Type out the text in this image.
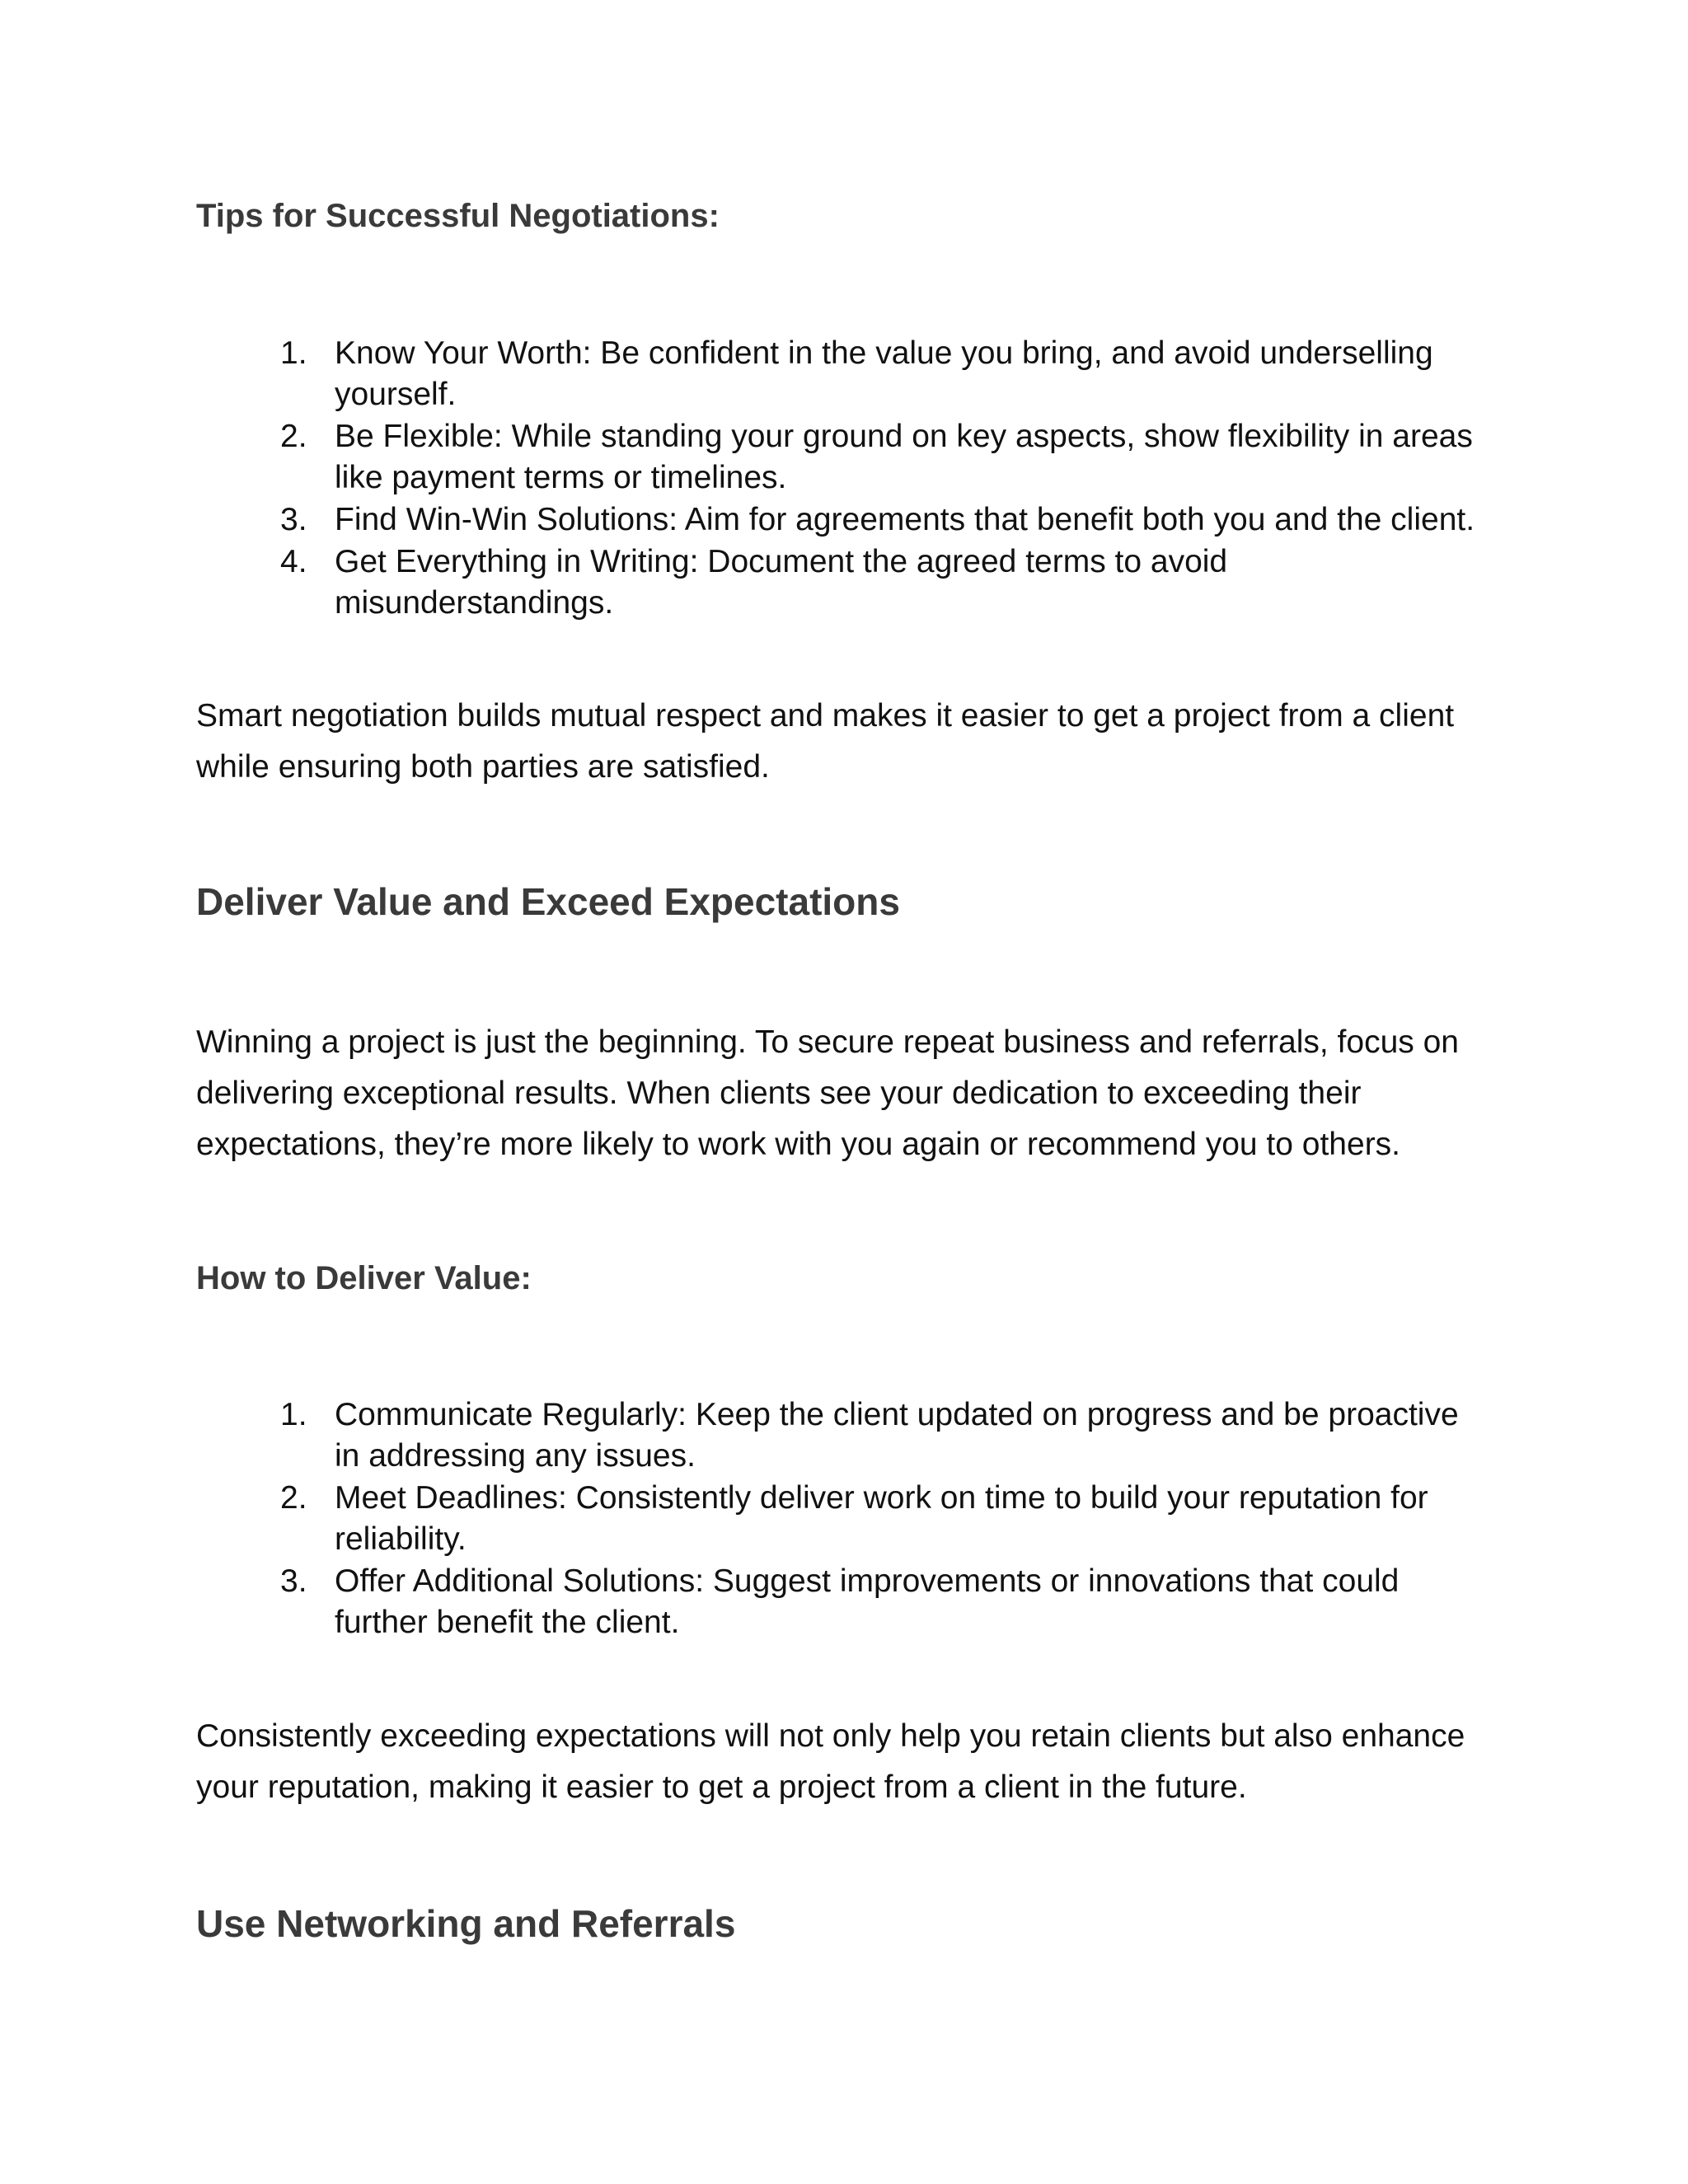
Tips for Successful Negotiations:
1. Know Your Worth: Be confident in the value you bring, and avoid underselling yourself.
2. Be Flexible: While standing your ground on key aspects, show flexibility in areas like payment terms or timelines.
3. Find Win-Win Solutions: Aim for agreements that benefit both you and the client.
4. Get Everything in Writing: Document the agreed terms to avoid misunderstandings.

Smart negotiation builds mutual respect and makes it easier to get a project from a client while ensuring both parties are satisfied.

Deliver Value and Exceed Expectations

Winning a project is just the beginning. To secure repeat business and referrals, focus on delivering exceptional results. When clients see your dedication to exceeding their expectations, they’re more likely to work with you again or recommend you to others.

How to Deliver Value:
1. Communicate Regularly: Keep the client updated on progress and be proactive in addressing any issues.
2. Meet Deadlines: Consistently deliver work on time to build your reputation for reliability.
3. Offer Additional Solutions: Suggest improvements or innovations that could further benefit the client.

Consistently exceeding expectations will not only help you retain clients but also enhance your reputation, making it easier to get a project from a client in the future.

Use Networking and Referrals
